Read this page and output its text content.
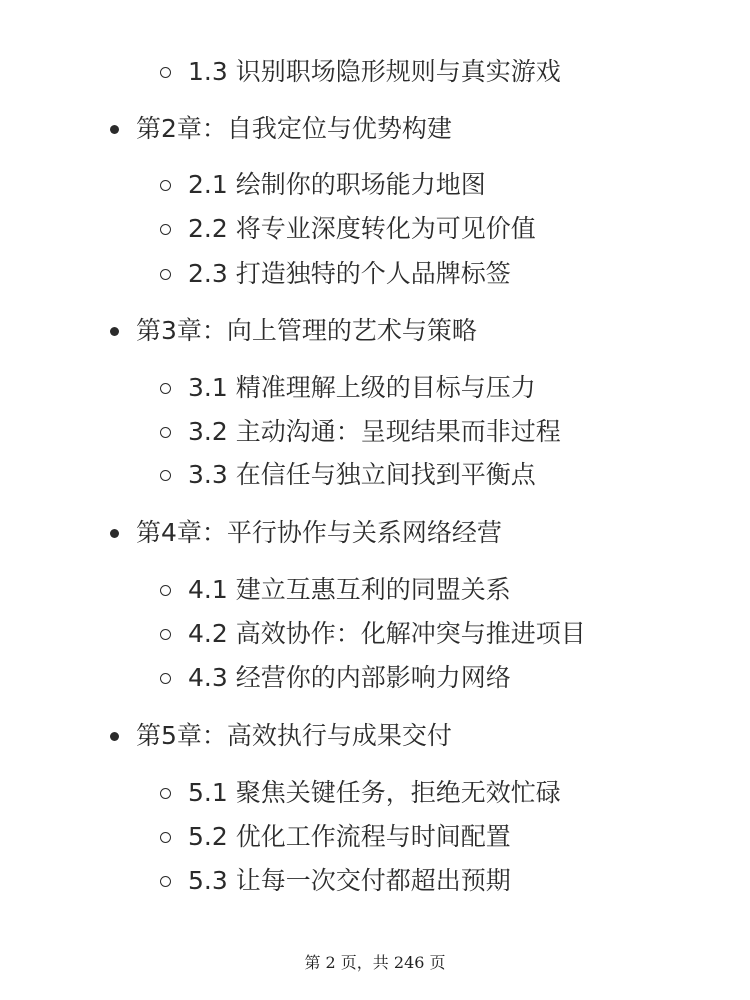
1.3 识别职场隐形规则与真实游戏
第2章：自我定位与优势构建
2.1 绘制你的职场能力地图
2.2 将专业深度转化为可见价值
2.3 打造独特的个人品牌标签
第3章：向上管理的艺术与策略
3.1 精准理解上级的目标与压力
3.2 主动沟通：呈现结果而非过程
3.3 在信任与独立间找到平衡点
第4章：平行协作与关系网络经营
4.1 建立互惠互利的同盟关系
4.2 高效协作：化解冲突与推进项目
4.3 经营你的内部影响力网络
第5章：高效执行与成果交付
5.1 聚焦关键任务，拒绝无效忙碌
5.2 优化工作流程与时间配置
5.3 让每一次交付都超出预期
第 2 页，共 246 页
